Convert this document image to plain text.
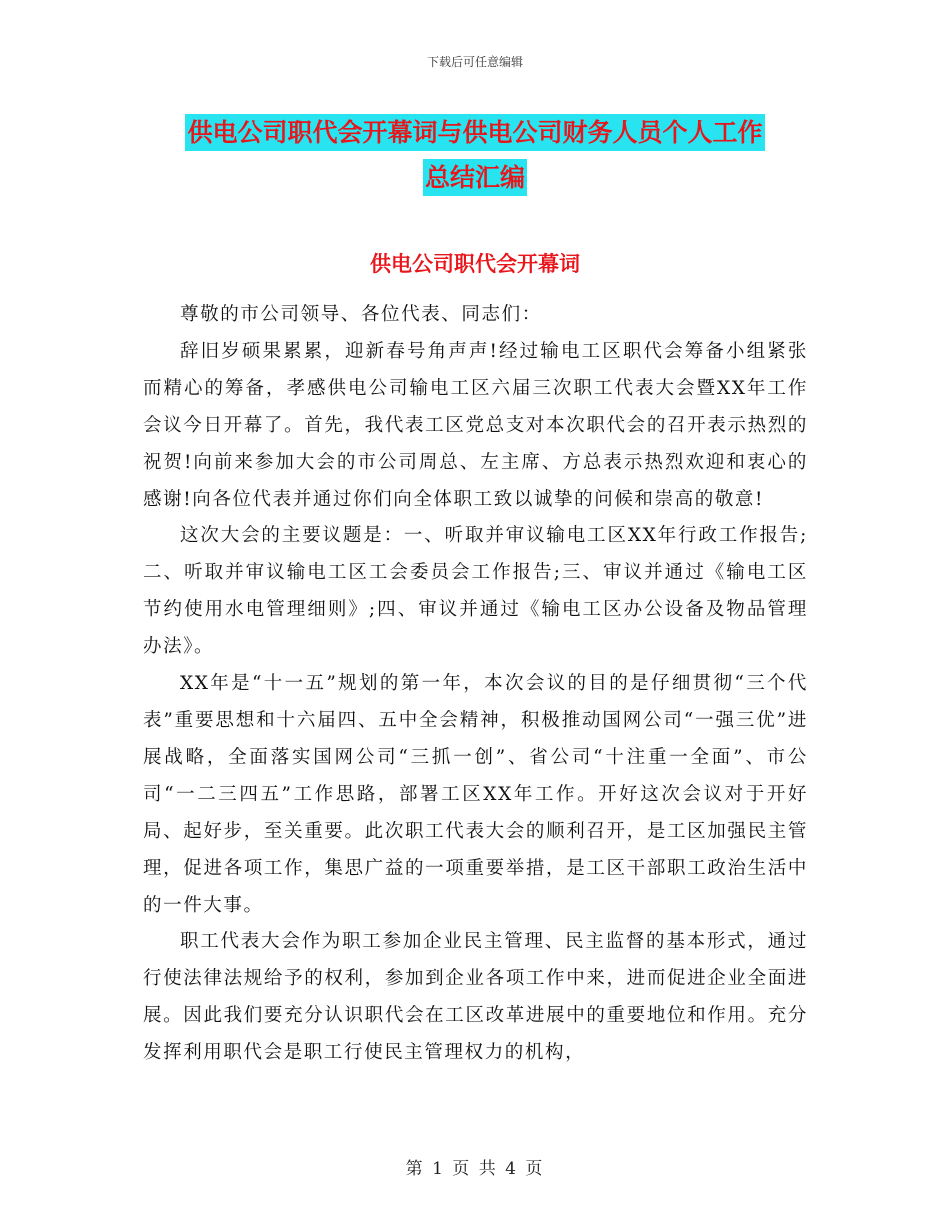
下载后可任意编辑
供电公司职代会开幕词与供电公司财务人员个人工作
总结汇编
供电公司职代会开幕词

尊敬的市公司领导、各位代表、同志们：

辞旧岁硕果累累，迎新春号角声声!经过输电工区职代会筹备小组紧张而精心的筹备，孝感供电公司输电工区六届三次职工代表大会暨XX年工作会议今日开幕了。首先，我代表工区党总支对本次职代会的召开表示热烈的祝贺!向前来参加大会的市公司周总、左主席、方总表示热烈欢迎和衷心的感谢!向各位代表并通过你们向全体职工致以诚挚的问候和崇高的敬意!

这次大会的主要议题是：一、听取并审议输电工区XX年行政工作报告;二、听取并审议输电工区工会委员会工作报告;三、审议并通过《输电工区节约使用水电管理细则》;四、审议并通过《输电工区办公设备及物品管理办法》。

XX年是“十一五”规划的第一年，本次会议的目的是仔细贯彻“三个代表”重要思想和十六届四、五中全会精神，积极推动国网公司“一强三优”进展战略，全面落实国网公司“三抓一创”、省公司“十注重一全面”、市公司“一二三四五”工作思路，部署工区XX年工作。开好这次会议对于开好局、起好步，至关重要。此次职工代表大会的顺利召开，是工区加强民主管理，促进各项工作，集思广益的一项重要举措，是工区干部职工政治生活中的一件大事。

职工代表大会作为职工参加企业民主管理、民主监督的基本形式，通过行使法律法规给予的权利，参加到企业各项工作中来，进而促进企业全面进展。因此我们要充分认识职代会在工区改革进展中的重要地位和作用。充分发挥利用职代会是职工行使民主管理权力的机构，

第 1 页 共 4 页
